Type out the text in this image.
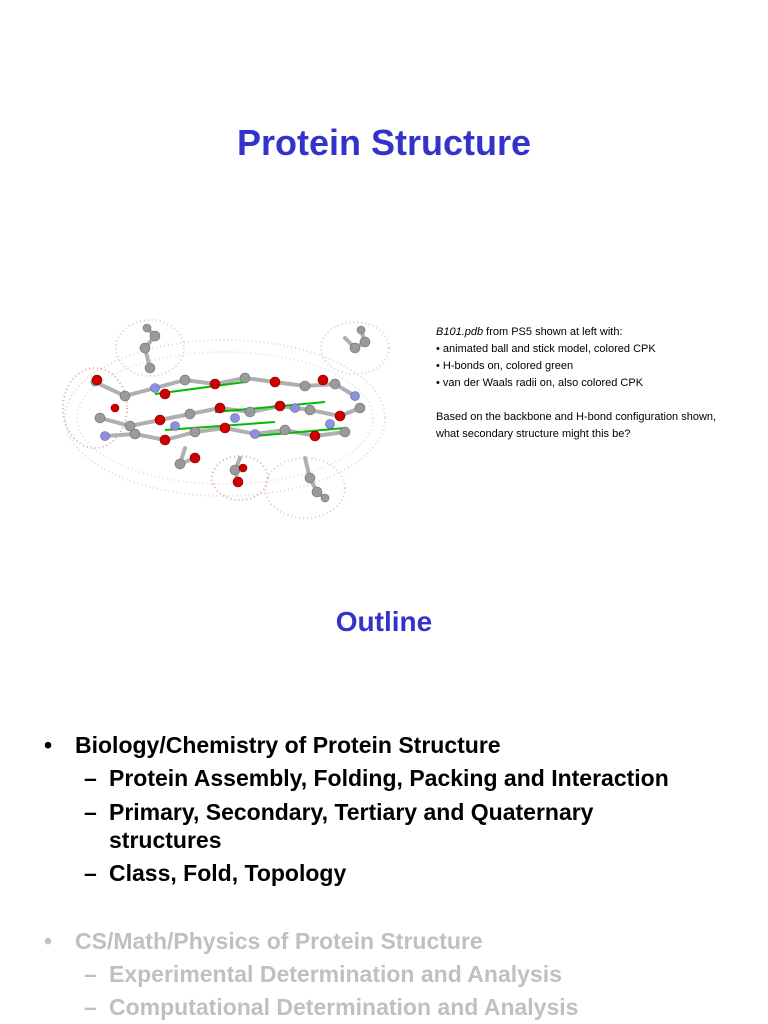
Protein Structure
B101.pdb from PS5 shown at left with:
• animated ball and stick model, colored CPK
• H-bonds on, colored green
• van der Waals radii on, also colored CPK
Based on the backbone and H-bond configuration shown,
what secondary structure might this be?
Outline
• Biology/Chemistry of Protein Structure
– Protein Assembly, Folding, Packing and Interaction
– Primary, Secondary, Tertiary and Quaternary structures
– Class, Fold, Topology
• CS/Math/Physics of Protein Structure
– Experimental Determination and Analysis
– Computational Determination and Analysis
